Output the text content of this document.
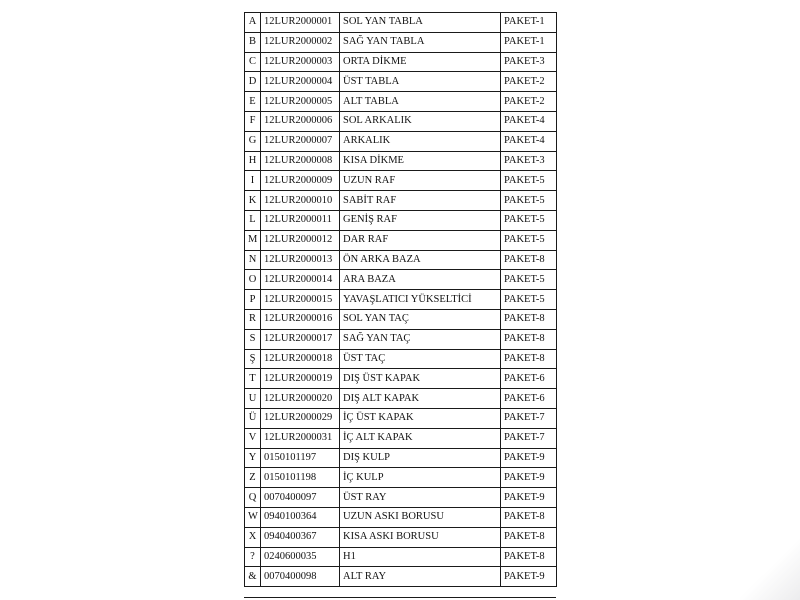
A	12LUR2000001	SOL YAN TABLA	PAKET-1
B	12LUR2000002	SAĞ YAN TABLA	PAKET-1
C	12LUR2000003	ORTA DİKME	PAKET-3
D	12LUR2000004	ÜST TABLA	PAKET-2
E	12LUR2000005	ALT TABLA	PAKET-2
F	12LUR2000006	SOL ARKALIK	PAKET-4
G	12LUR2000007	ARKALIK	PAKET-4
H	12LUR2000008	KISA DİKME	PAKET-3
I	12LUR2000009	UZUN RAF	PAKET-5
K	12LUR2000010	SABİT RAF	PAKET-5
L	12LUR2000011	GENİŞ RAF	PAKET-5
M	12LUR2000012	DAR RAF	PAKET-5
N	12LUR2000013	ÖN ARKA BAZA	PAKET-8
O	12LUR2000014	ARA BAZA	PAKET-5
P	12LUR2000015	YAVAŞLATICI YÜKSELTİCİ	PAKET-5
R	12LUR2000016	SOL YAN TAÇ	PAKET-8
S	12LUR2000017	SAĞ YAN TAÇ	PAKET-8
Ş	12LUR2000018	ÜST TAÇ	PAKET-8
T	12LUR2000019	DIŞ ÜST KAPAK	PAKET-6
U	12LUR2000020	DIŞ ALT KAPAK	PAKET-6
Ü	12LUR2000029	İÇ ÜST KAPAK	PAKET-7
V	12LUR2000031	İÇ ALT KAPAK	PAKET-7
Y	0150101197	DIŞ KULP	PAKET-9
Z	0150101198	İÇ KULP	PAKET-9
Q	0070400097	ÜST RAY	PAKET-9
W	0940100364	UZUN ASKI BORUSU	PAKET-8
X	0940400367	KISA ASKI BORUSU	PAKET-8
?	0240600035	H1	PAKET-8
&	0070400098	ALT RAY	PAKET-9
